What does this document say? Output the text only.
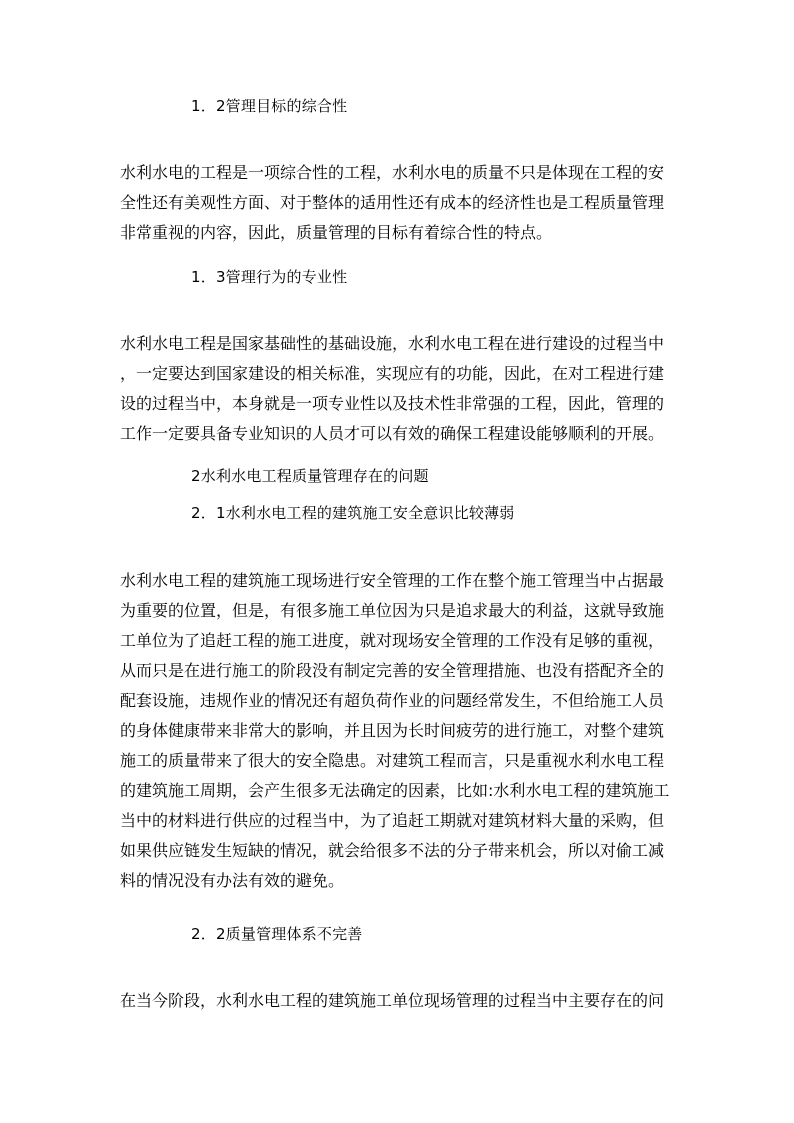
1．2管理目标的综合性
水利水电的工程是一项综合性的工程，水利水电的质量不只是体现在工程的安
全性还有美观性方面、对于整体的适用性还有成本的经济性也是工程质量管理
非常重视的内容，因此，质量管理的目标有着综合性的特点。
1．3管理行为的专业性
水利水电工程是国家基础性的基础设施，水利水电工程在进行建设的过程当中
，一定要达到国家建设的相关标准，实现应有的功能，因此，在对工程进行建
设的过程当中，本身就是一项专业性以及技术性非常强的工程，因此，管理的
工作一定要具备专业知识的人员才可以有效的确保工程建设能够顺利的开展。
2水利水电工程质量管理存在的问题
2．1水利水电工程的建筑施工安全意识比较薄弱
水利水电工程的建筑施工现场进行安全管理的工作在整个施工管理当中占据最
为重要的位置，但是，有很多施工单位因为只是追求最大的利益，这就导致施
工单位为了追赶工程的施工进度，就对现场安全管理的工作没有足够的重视，
从而只是在进行施工的阶段没有制定完善的安全管理措施、也没有搭配齐全的
配套设施，违规作业的情况还有超负荷作业的问题经常发生，不但给施工人员
的身体健康带来非常大的影响，并且因为长时间疲劳的进行施工，对整个建筑
施工的质量带来了很大的安全隐患。对建筑工程而言，只是重视水利水电工程
的建筑施工周期，会产生很多无法确定的因素，比如:水利水电工程的建筑施工
当中的材料进行供应的过程当中，为了追赶工期就对建筑材料大量的采购，但
如果供应链发生短缺的情况，就会给很多不法的分子带来机会，所以对偷工减
料的情况没有办法有效的避免。
2．2质量管理体系不完善
在当今阶段，水利水电工程的建筑施工单位现场管理的过程当中主要存在的问
